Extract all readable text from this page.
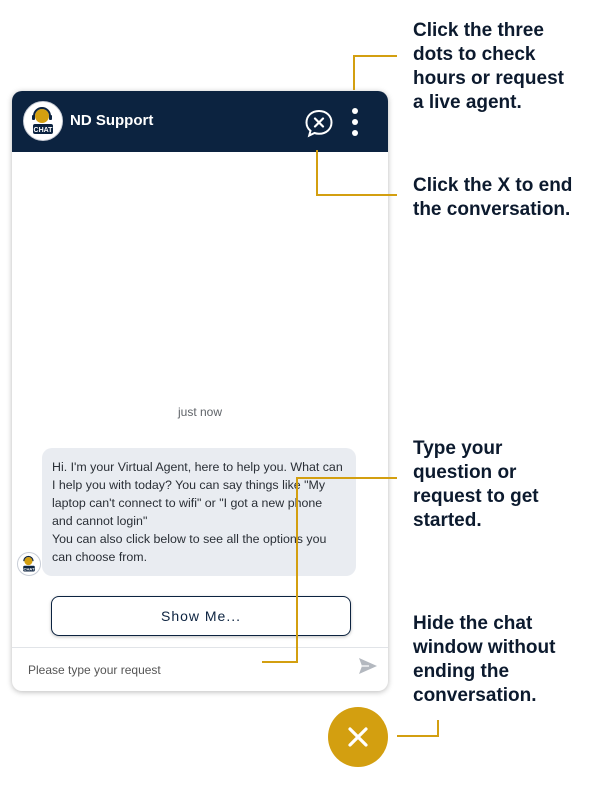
CHAT
ND Support
just now

Hi. I'm your Virtual Agent, here to help you. What can I help you with today? You can say things like "My laptop can't connect to wifi" or "I got a new phone and cannot login"

You can also click below to see all the options you can choose from.

CHAT
Show Me...
Please type your request
Click the three
dots to check
hours or request
a live agent.
Click the X to end
the conversation.
Type your
question or
request to get
started.
Hide the chat
window without
ending the
conversation.
